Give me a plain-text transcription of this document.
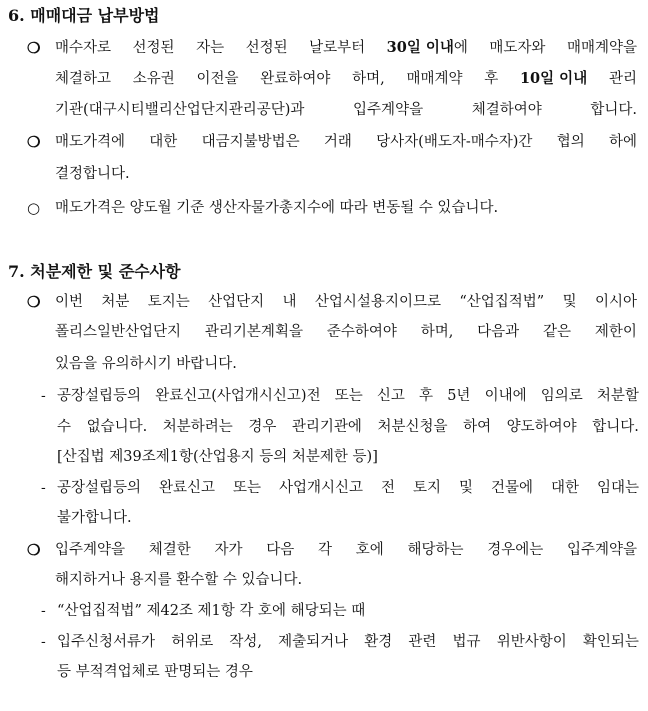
6. 매매대금 납부방법
❍ 매수자로 선정된 자는 선정된 날로부터 30일 이내에 매도자와 매매계약을
체결하고 소유권 이전을 완료하여야 하며, 매매계약 후 10일 이내 관리
기관(대구시티밸리산업단지관리공단)과	입주계약을	체결하여야	합니다.
❍ 매도가격에 대한 대금지불방법은 거래 당사자(배도자-매수자)간 협의 하에
결정합니다.
○ 매도가격은 양도월 기준 생산자물가총지수에 따라 변동될 수 있습니다.
7. 처분제한 및 준수사항
❍ 이번 처분 토지는 산업단지 내 산업시설용지이므로 “산업집적법” 및 이시아
폴리스일반산업단지 관리기본계획을 준수하여야 하며, 다음과 같은 제한이
있음을 유의하시기 바랍니다.
- 공장설립등의 완료신고(사업개시신고)전 또는 신고 후 5년 이내에 임의로 처분할
수 없습니다. 처분하려는 경우 관리기관에 처분신청을 하여 양도하여야 합니다.
[산집법 제39조제1항(산업용지 등의 처분제한 등)]
- 공장설립등의 완료신고 또는 사업개시신고 전 토지 및 건물에 대한 임대는
불가합니다.
❍ 입주계약을 체결한 자가 다음 각 호에 해당하는 경우에는 입주계약을
해지하거나 용지를 환수할 수 있습니다.
- “산업집적법” 제42조 제1항 각 호에 해당되는 때
- 입주신청서류가 허위로 작성, 제출되거나 환경 관련 법규 위반사항이 확인되는
등 부적격업체로 판명되는 경우
